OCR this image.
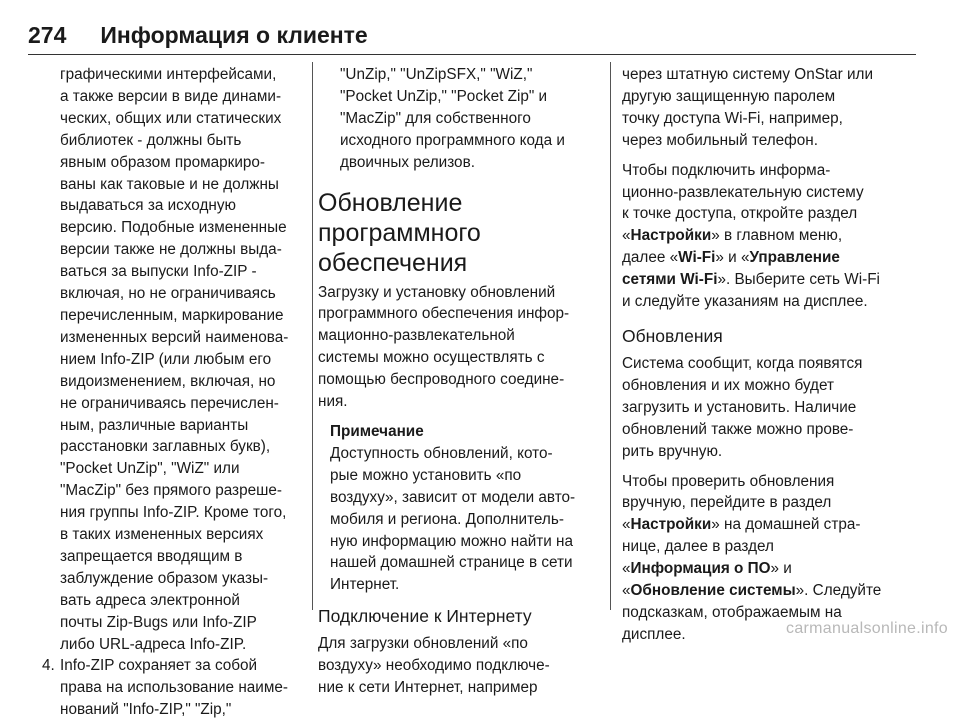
274 Информация о клиенте
графическими интерфейсами,
а также версии в виде динами-
ческих, общих или статических
библиотек - должны быть
явным образом промаркиро-
ваны как таковые и не должны
выдаваться за исходную
версию. Подобные измененные
версии также не должны выда-
ваться за выпуски Info-ZIP -
включая, но не ограничиваясь
перечисленным, маркирование
измененных версий наименова-
нием Info-ZIP (или любым его
видоизменением, включая, но
не ограничиваясь перечислен-
ным, различные варианты
расстановки заглавных букв),
"Pocket UnZip", "WiZ" или
"MacZip" без прямого разреше-
ния группы Info-ZIP. Кроме того,
в таких измененных версиях
запрещается вводящим в
заблуждение образом указы-
вать адреса электронной
почты Zip-Bugs или Info-ZIP
либо URL-адреса Info-ZIP.
4. Info-ZIP сохраняет за собой
права на использование наиме-
нований "Info-ZIP," "Zip,"
"UnZip," "UnZipSFX," "WiZ,"
"Pocket UnZip," "Pocket Zip" и
"MacZip" для собственного
исходного программного кода и
двоичных релизов.
Обновление
программного
обеспечения
Загрузку и установку обновлений
программного обеспечения инфор-
мационно-развлекательной
системы можно осуществлять с
помощью беспроводного соедине-
ния.
Примечание
Доступность обновлений, кото-
рые можно установить «по
воздуху», зависит от модели авто-
мобиля и региона. Дополнитель-
ную информацию можно найти на
нашей домашней странице в сети
Интернет.
Подключение к Интернету
Для загрузки обновлений «по
воздуху» необходимо подключе-
ние к сети Интернет, например
через штатную систему OnStar или
другую защищенную паролем
точку доступа Wi-Fi, например,
через мобильный телефон.
Чтобы подключить информа-
ционно-развлекательную систему
к точке доступа, откройте раздел
«Настройки» в главном меню,
далее «Wi-Fi» и «Управление
сетями Wi-Fi». Выберите сеть Wi-Fi
и следуйте указаниям на дисплее.
Обновления
Система сообщит, когда появятся
обновления и их можно будет
загрузить и установить. Наличие
обновлений также можно прове-
рить вручную.
Чтобы проверить обновления
вручную, перейдите в раздел
«Настройки» на домашней стра-
нице, далее в раздел
«Информация о ПО» и
«Обновление системы». Следуйте
подсказкам, отображаемым на
дисплее.	carmanualsonline.info
